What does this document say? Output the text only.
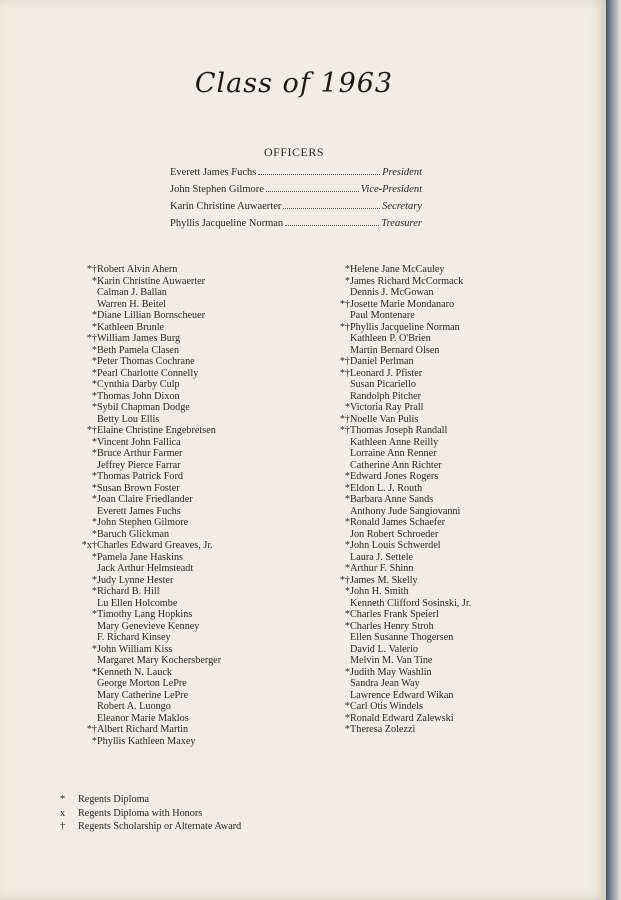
Class of 1963
OFFICERS
Everett James Fuchs	President
John Stephen Gilmore	Vice-President
Karin Christine Auwaerter	Secretary
Phyllis Jacqueline Norman	Treasurer
*†Robert Alvin Ahern
*Karin Christine Auwaerter
Calman J. Ballan
Warren H. Beitel
*Diane Lillian Bornscheuer
*Kathleen Brunle
*†William James Burg
*Beth Pamela Clasen
*Peter Thomas Cochrane
*Pearl Charlotte Connelly
*Cynthia Darby Culp
*Thomas John Dixon
*Sybil Chapman Dodge
Betty Lou Ellis
*†Elaine Christine Engebretsen
*Vincent John Fallica
*Bruce Arthur Farmer
Jeffrey Pierce Farrar
*Thomas Patrick Ford
*Susan Brown Foster
*Joan Claire Friedlander
Everett James Fuchs
*John Stephen Gilmore
*Baruch Glickman
*x†Charles Edward Greaves, Jr.
*Pamela Jane Haskins
Jack Arthur Helmsteadt
*Judy Lynne Hester
*Richard B. Hill
Lu Ellen Holcombe
*Timothy Lang Hopkins
Mary Genevieve Kenney
F. Richard Kinsey
*John William Kiss
Margaret Mary Kochersberger
*Kenneth N. Lauck
George Morton LePre
Mary Catherine LePre
Robert A. Luongo
Eleanor Marie Maklos
*†Albert Richard Martin
*Phyllis Kathleen Maxey
*Helene Jane McCauley
*James Richard McCormack
Dennis J. McGowan
*†Josette Marie Mondanaro
Paul Montenare
*†Phyllis Jacqueline Norman
Kathleen P. O'Brien
Martin Bernard Olsen
*†Daniel Perlman
*†Leonard J. Pfister
Susan Picariello
Randolph Pitcher
*Victoria Ray Prall
*†Noelle Van Pulis
*†Thomas Joseph Randall
Kathleen Anne Reilly
Lorraine Ann Renner
Catherine Ann Richter
*Edward Jones Rogers
*Eldon L. J. Routh
*Barbara Anne Sands
Anthony Jude Sangiovanni
*Ronald James Schaefer
Jon Robert Schroeder
*John Louis Schwerdel
Laura J. Settele
*Arthur F. Shinn
*†James M. Skelly
*John H. Smith
Kenneth Clifford Sosinski, Jr.
*Charles Frank Speierl
*Charles Henry Stroh
Ellen Susanne Thogersen
David L. Valerio
Melvin M. Van Tine
*Judith May Washlin
Sandra Jean Way
Lawrence Edward Wikan
*Carl Otis Windels
*Ronald Edward Zalewski
*Theresa Zolezzi
* Regents Diploma
x Regents Diploma with Honors
† Regents Scholarship or Alternate Award
